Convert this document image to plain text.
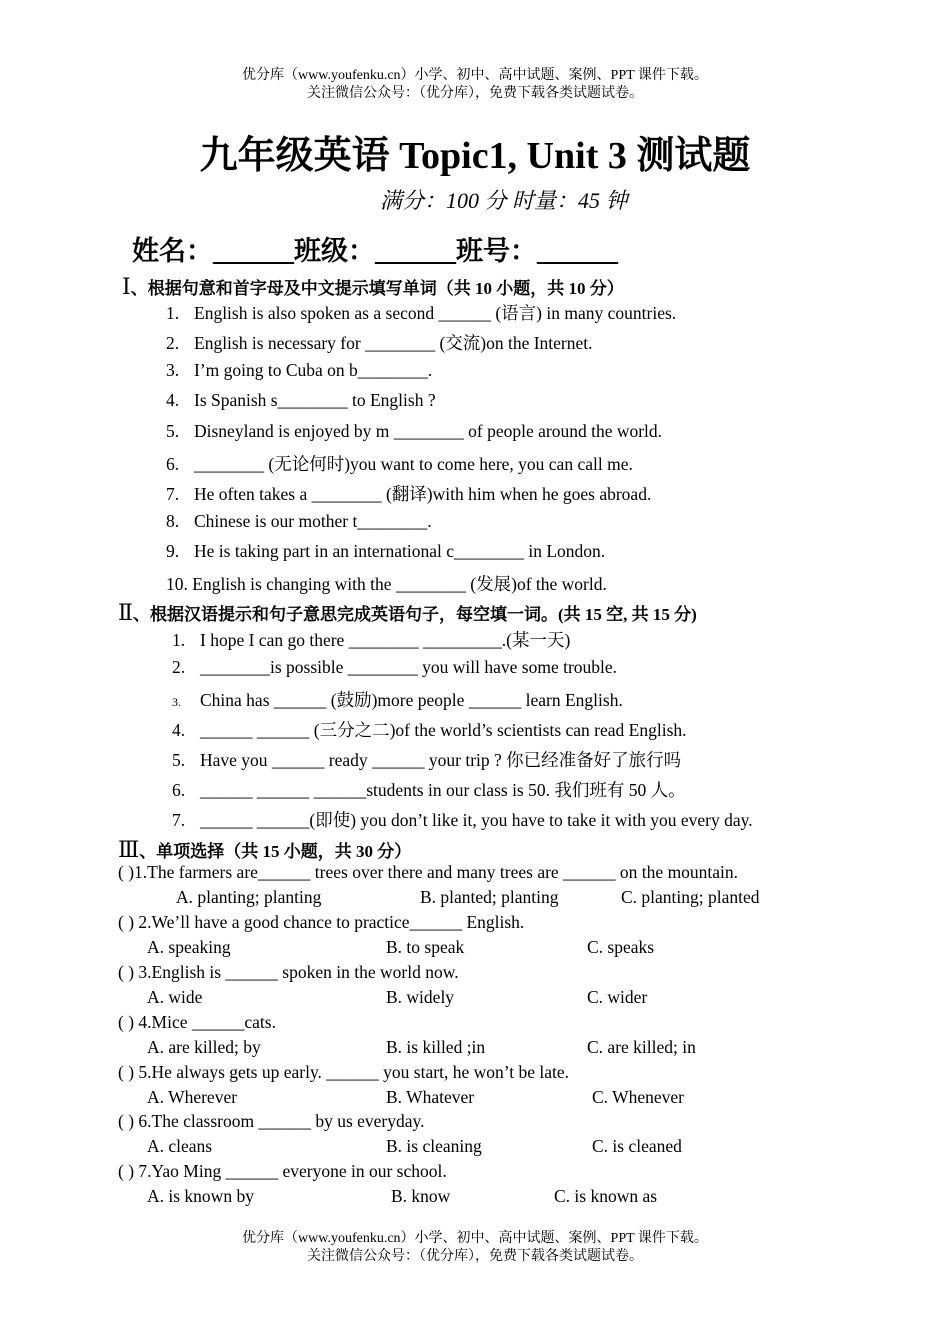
优分库（www.youfenku.cn）小学、初中、高中试题、案例、PPT 课件下载。
关注微信公众号：（优分库），免费下载各类试题试卷。
九年级英语 Topic1, Unit 3 测试题
满分：100 分 时量：45 钟
姓名：______班级：______班号：______
Ⅰ、根据句意和首字母及中文提示填写单词（共 10 小题，共 10 分）
1. English is also spoken as a second ______ (语言) in many countries.
2. English is necessary for ________ (交流)on the Internet.
3. I’m going to Cuba on b________.
4. Is Spanish s________ to English ?
5. Disneyland is enjoyed by m ________ of people around the world.
6. ________ (无论何时)you want to come here, you can call me.
7. He often takes a ________ (翻译)with him when he goes abroad.
8. Chinese is our mother t________.
9. He is taking part in an international c________ in London.
10. English is changing with the ________ (发展)of the world.
Ⅱ、根据汉语提示和句子意思完成英语句子，每空填一词。(共 15 空, 共 15 分)
1. I hope I can go there ________ _________.(某一天)
2. ________is possible ________ you will have some trouble.
3. China has ______ (鼓励)more people ______ learn English.
4. ______ ______ (三分之二)of the world’s scientists can read English.
5. Have you ______ ready ______ your trip ? 你已经准备好了旅行吗
6. ______ ______ ______students in our class is 50. 我们班有 50 人。
7. ______ ______(即使) you don’t like it, you have to take it with you every day.
Ⅲ、单项选择（共 15 小题，共 30 分）
( )1.The farmers are______ trees over there and many trees are ______ on the mountain.
A. planting; planting	B. planted; planting	C. planting; planted
( ) 2.We’ll have a good chance to practice______ English.
A. speaking	B. to speak	C. speaks
( ) 3.English is ______ spoken in the world now.
A. wide	B. widely	C. wider
( ) 4.Mice ______cats.
A. are killed; by	B. is killed ;in	C. are killed; in
( ) 5.He always gets up early. ______ you start, he won’t be late.
A. Wherever	B. Whatever	C. Whenever
( ) 6.The classroom ______ by us everyday.
A. cleans	B. is cleaning	C. is cleaned
( ) 7.Yao Ming ______ everyone in our school.
A. is known by	B. know	C. is known as
优分库（www.youfenku.cn）小学、初中、高中试题、案例、PPT 课件下载。
关注微信公众号：（优分库），免费下载各类试题试卷。
